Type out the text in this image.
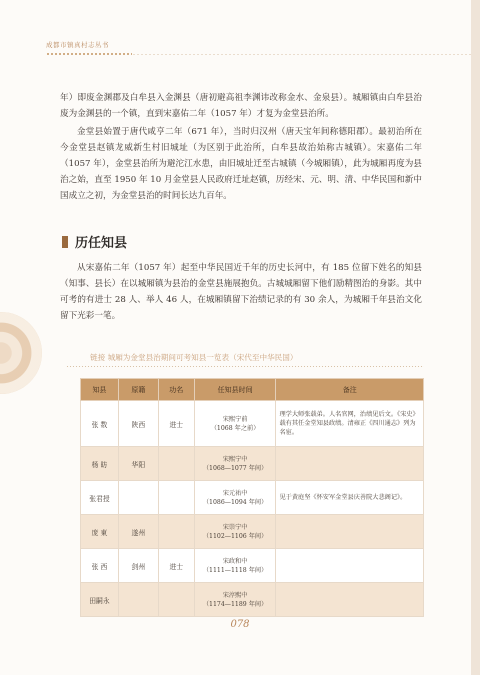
成都市镇真村志丛书

年）即废金渊郡及白牟县入金渊县（唐初避高祖李渊讳改称金水、金泉县）。城厢镇由白牟县治废为金渊县的一个镇，直到宋嘉佑二年（1057 年）才复为金堂县治所。

金堂县始置于唐代咸亨二年（671 年），当时归汉州（唐天宝年间称德阳郡）。最初治所在今金堂县赵镇龙威新生村旧城址（为区别于此治所，白牟县故治始称古城镇）。宋嘉佑二年（1057 年），金堂县治所为避沱江水患，由旧城址迁至古城镇（今城厢镇），此为城厢再度为县治之始，直至 1950 年 10 月金堂县人民政府迁址赵镇，历经宋、元、明、清、中华民国和新中国成立之初，为金堂县治的时间长达九百年。

历任知县

从宋嘉佑二年（1057 年）起至中华民国近千年的历史长河中，有 185 位留下姓名的知县（知事、县长）在以城厢镇为县治的金堂县施展抱负。古城城厢留下他们励精图治的身影。其中可考的有进士 28 人、举人 46 人，在城厢镇留下治绩记录的有 30 余人，为城厢千年县治文化留下光彩一笔。

链接 城厢为金堂县治期间可考知县一览表（宋代至中华民国）
知县	原籍	功名	任知县时间	备注
张 数	陕西	进士	宋熙宁前
（1068 年之前）	理学大师张载弟。人名官网，治绩见后文。《宋史》载有其任金堂知县政绩。清雍正《四川通志》列为名宦。
杨 昉	华阳		宋熙宁中
（1068—1077 年间）	

张君授			宋元祐中
（1086—1094 年间）	见于黄庭坚《怀安军金堂县庆善院大悲阁记》。
庞 東	遂州		宋崇宁中
（1102—1106 年间）	

张 西	剑州	进士	宋政和中
（1111—1118 年间）	

田嗣永			宋淳熙中
（1174—1189 年间）	

078
